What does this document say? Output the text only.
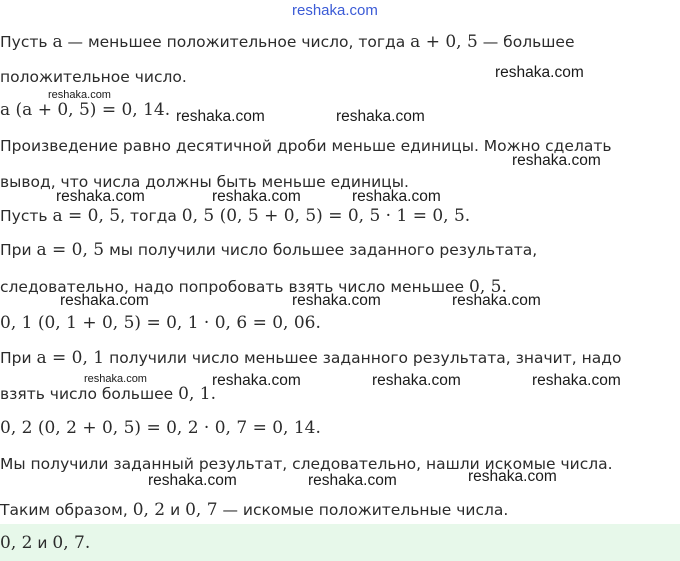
reshaka.com
reshaka.com
reshaka.com
reshaka.com	reshaka.com
reshaka.com
reshaka.com	reshaka.com	reshaka.com
reshaka.com	reshaka.com	reshaka.com
reshaka.com	reshaka.com	reshaka.com	reshaka.com
reshaka.com
reshaka.com	reshaka.com
Пусть a — меньшее положительное число, тогда a + 0, 5 — большее
положительное число.
a (a + 0, 5) = 0, 14.
Произведение равно десятичной дроби меньше единицы. Можно сделать
вывод, что числа должны быть меньше единицы.
Пусть a = 0, 5, тогда 0, 5 (0, 5 + 0, 5) = 0, 5 · 1 = 0, 5.
При a = 0, 5 мы получили число большее заданного результата,
следовательно, надо попробовать взять число меньшее 0, 5.
0, 1 (0, 1 + 0, 5) = 0, 1 · 0, 6 = 0, 06.
При a = 0, 1 получили число меньшее заданного результата, значит, надо
взять число большее 0, 1.
0, 2 (0, 2 + 0, 5) = 0, 2 · 0, 7 = 0, 14.
Мы получили заданный результат, следовательно, нашли искомые числа.
Таким образом, 0, 2 и 0, 7 — искомые положительные числа.
0, 2 и 0, 7.
